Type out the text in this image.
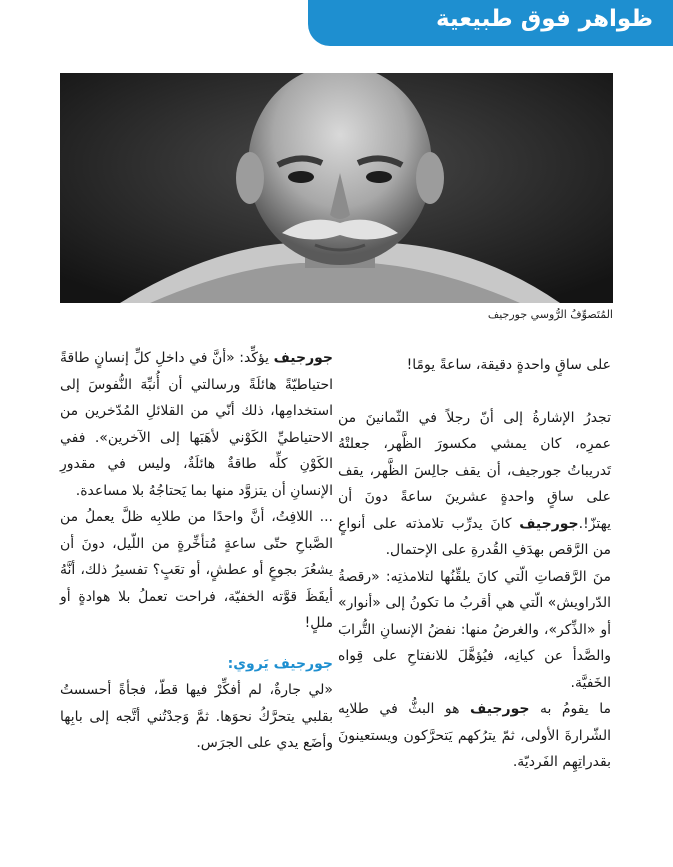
ظواهر فوق طبيعية
المُتَصوِّفُ الرُّوسي جورجيف

على ساقٍ واحدةٍ دقيقة، ساعةً يومًا!

تجدرُ الإشارةُ إلى أنّ رجلاً في الثّمانينَ من عمرِه، كان يمشي مكسورَ الظَّهر، جعلتْهُ تَدريباتُ جورجيف، أن يقف جالِسَ الظَّهر، يقف على ساقٍ واحدةٍ عشرينَ ساعةً دونَ أن يهتزّ!.جورجيف كانَ يدرِّب تلامذته على أنواعٍ من الرَّقص بهدَفِ القُدرةِ على الإحتمال.

منَ الرَّقصاتِ الّتي كانَ يلقِّنُها لتلامذتِه: «رقصةُ الدّراويش» الّتي هي أقربُ ما تكونُ إلى «أنوار» أو «الذِّكر»، والغرضُ منها: نفضُ الإنسانِ التُّرابَ والصَّدأ عن كيانِه، فيُؤهَّلَ للانفتاحِ على قِواه الخَفيَّة.

ما يقومُ به جورجيف هو البثُّ في طلابِه الشّرارةَ الأولى، ثمّ يترُكهم يَتحرَّكون ويستعينونَ بقدراتِهِم الفَرديّة.

جورجيف يؤكِّد: «أنَّ في داخلِ كلِّ إنسانٍ طاقةً احتياطيّةً هائلَةً ورسالتي أن أُنبِّهَ النُّفوسَ إلى استخدامِها، ذلك أنّي من القلائلِ المُدّخرين من الاحتياطيِّ الكَوْني لأهَبَها إلى الآخرين». ففي الكَوْنِ كلِّه طاقةٌ هائلَةٌ، وليس في مقدورِ الإنسانِ أن يتزوَّد منها بما يَحتاجُهُ بلا مساعدة.

... اللافِتُ، أنَّ واحدًا من طلابِه ظلَّ يعملُ من الصَّباحِ حتّى ساعةٍ مُتأخِّرةٍ من اللّيل، دونَ أن يشعُرَ بجوعٍ أو عطشٍ، أو تعَبٍ؟ تفسيرُ ذلك، أنَّهُ أيقَظَ قوَّته الخفيّة، فراحت تعملُ بلا هوادةٍ أو مللٍ!

جورجيف يَروي:

«لي جارةٌ، لم أفكِّرْ فيها قطّ، فجأةً أحسستُ بقلبي يتحرَّكُ نحوَها. ثمَّ وَجدْتُني أتَّجه إلى بابِها وأضَع يدي على الجرَس.
